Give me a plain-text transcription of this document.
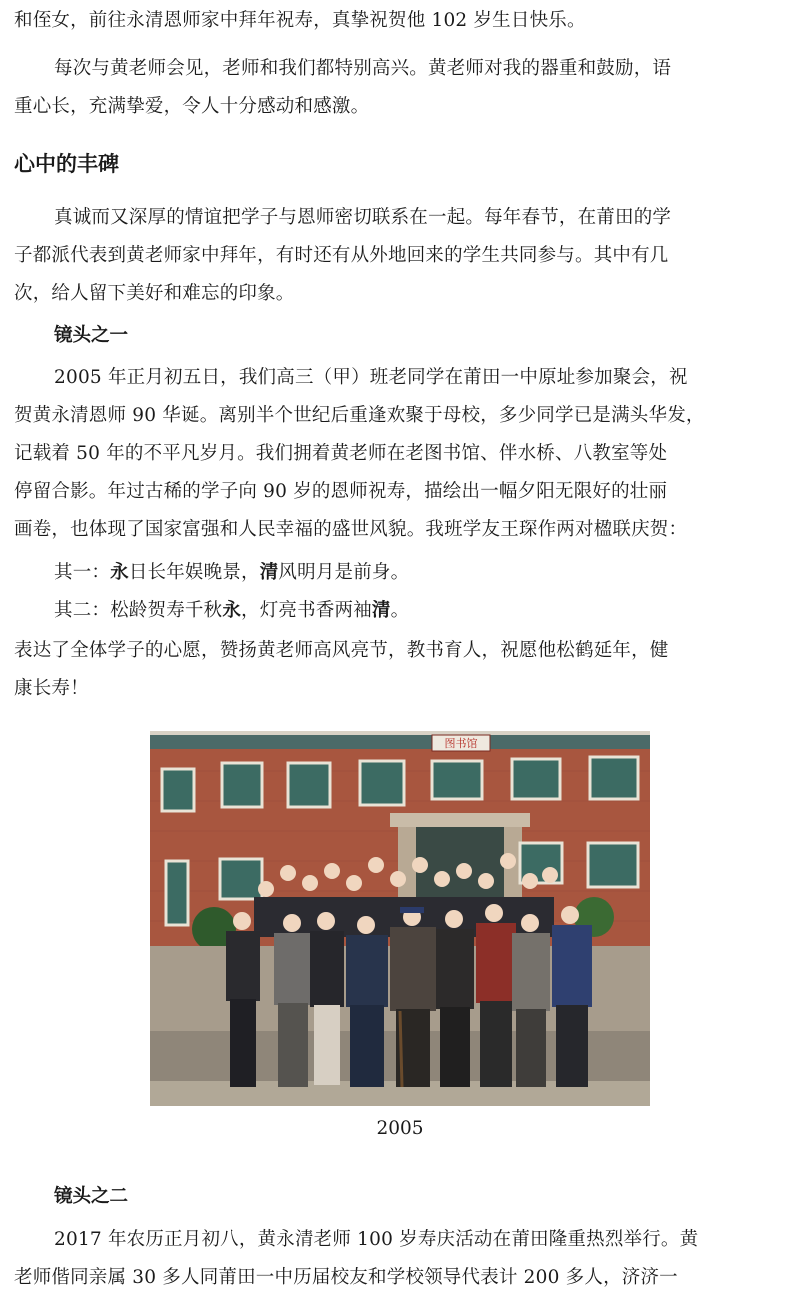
和侄女，前往永清恩师家中拜年祝寿，真挚祝贺他 102 岁生日快乐。
每次与黄老师会见，老师和我们都特别高兴。黄老师对我的器重和鼓励，语
重心长，充满挚爱，令人十分感动和感激。
心中的丰碑
真诚而又深厚的情谊把学子与恩师密切联系在一起。每年春节，在莆田的学
子都派代表到黄老师家中拜年，有时还有从外地回来的学生共同参与。其中有几
次，给人留下美好和难忘的印象。
镜头之一
2005 年正月初五日，我们高三（甲）班老同学在莆田一中原址参加聚会，祝
贺黄永清恩师 90 华诞。离别半个世纪后重逢欢聚于母校，多少同学已是满头华发，
记载着 50 年的不平凡岁月。我们拥着黄老师在老图书馆、伴水桥、八教室等处
停留合影。年过古稀的学子向 90 岁的恩师祝寿，描绘出一幅夕阳无限好的壮丽
画卷，也体现了国家富强和人民幸福的盛世风貌。我班学友王琛作两对楹联庆贺：
其一：永日长年娱晚景，清风明月是前身。
其二：松龄贺寿千秋永，灯亮书香两袖清。
表达了全体学子的心愿，赞扬黄老师高风亮节，教书育人，祝愿他松鹤延年，健
康长寿！
图书馆
2005
镜头之二
2017 年农历正月初八，黄永清老师 100 岁寿庆活动在莆田隆重热烈举行。黄
老师偕同亲属 30 多人同莆田一中历届校友和学校领导代表计 200 多人，济济一
